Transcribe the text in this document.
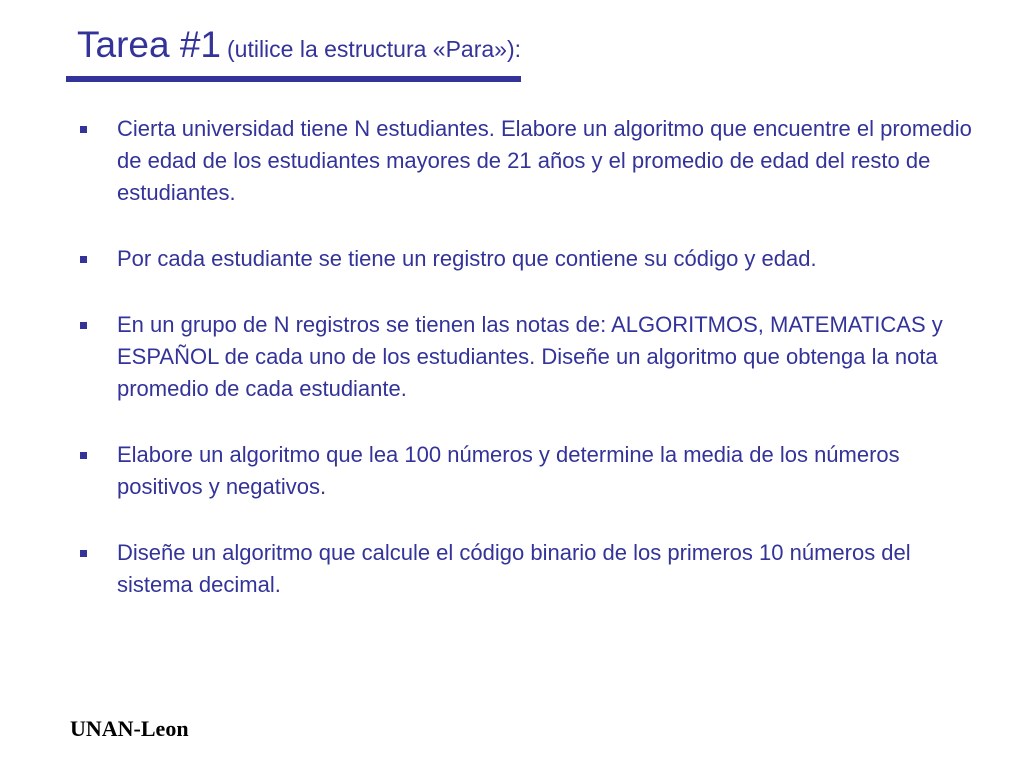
Tarea #1 (utilice la estructura «Para»):
Cierta universidad tiene N estudiantes. Elabore un algoritmo que encuentre el promedio de edad de los estudiantes mayores de 21 años y el promedio de edad del resto de estudiantes.
Por cada estudiante se tiene un registro que contiene su código y edad.
En un grupo de N registros se tienen las notas de: ALGORITMOS, MATEMATICAS y ESPAÑOL de cada uno de los estudiantes. Diseñe un algoritmo que obtenga la nota promedio de cada estudiante.
Elabore un algoritmo que lea 100 números y determine la media de los números positivos y negativos.
Diseñe un algoritmo que calcule el código binario de los primeros 10 números del sistema decimal.
UNAN-Leon
